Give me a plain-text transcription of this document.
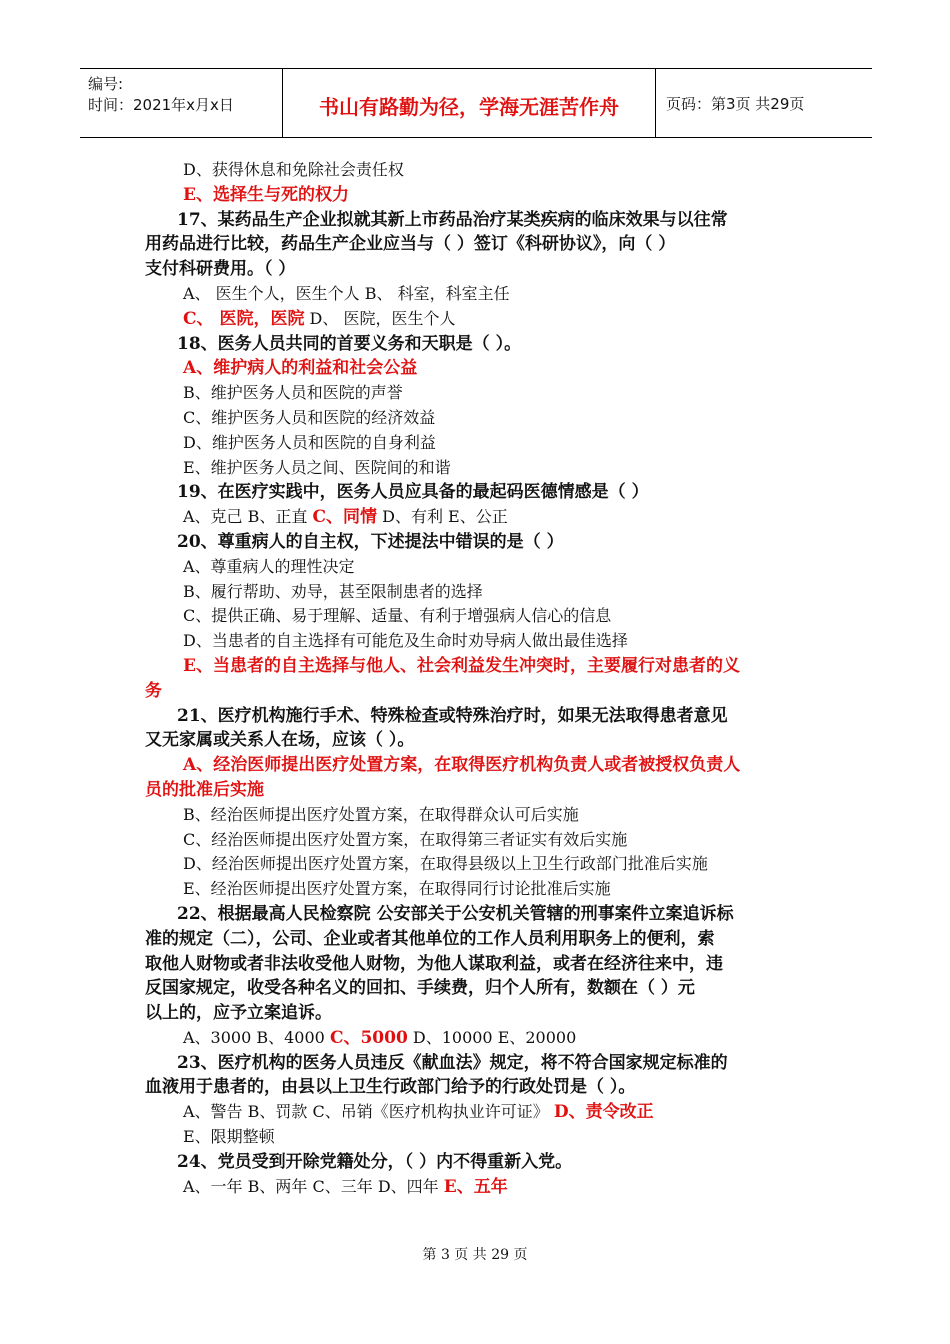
编号:
时间：2021年x月x日	书山有路勤为径，学海无涯苦作舟	页码：第3页 共29页
D、获得休息和免除社会责任权
E、选择生与死的权力
17、某药品生产企业拟就其新上市药品治疗某类疾病的临床效果与以往常
用药品进行比较，药品生产企业应当与（ ）签订《科研协议》，向（ ）
支付科研费用。（ ）
A、 医生个人，医生个人 B、 科室，科室主任
C、 医院，医院 D、 医院，医生个人
18、医务人员共同的首要义务和天职是（ ）。
A、维护病人的利益和社会公益
B、维护医务人员和医院的声誉
C、维护医务人员和医院的经济效益
D、维护医务人员和医院的自身利益
E、维护医务人员之间、医院间的和谐
19、在医疗实践中，医务人员应具备的最起码医德情感是（ ）
A、克己 B、正直 C、同情 D、有利 E、公正
20、尊重病人的自主权，下述提法中错误的是（ ）
A、尊重病人的理性决定
B、履行帮助、劝导，甚至限制患者的选择
C、提供正确、易于理解、适量、有利于增强病人信心的信息
D、当患者的自主选择有可能危及生命时劝导病人做出最佳选择
E、当患者的自主选择与他人、社会利益发生冲突时，主要履行对患者的义
务
21、医疗机构施行手术、特殊检查或特殊治疗时，如果无法取得患者意见
又无家属或关系人在场，应该（ ）。
A、经治医师提出医疗处置方案，在取得医疗机构负责人或者被授权负责人
员的批准后实施
B、经治医师提出医疗处置方案，在取得群众认可后实施
C、经治医师提出医疗处置方案，在取得第三者证实有效后实施
D、经治医师提出医疗处置方案，在取得县级以上卫生行政部门批准后实施
E、经治医师提出医疗处置方案，在取得同行讨论批准后实施
22、根据最高人民检察院 公安部关于公安机关管辖的刑事案件立案追诉标
准的规定（二），公司、企业或者其他单位的工作人员利用职务上的便利，索
取他人财物或者非法收受他人财物，为他人谋取利益，或者在经济往来中，违
反国家规定，收受各种名义的回扣、手续费，归个人所有，数额在（ ）元
以上的，应予立案追诉。
A、3000 B、4000 C、5000 D、10000 E、20000
23、医疗机构的医务人员违反《献血法》规定，将不符合国家规定标准的
血液用于患者的，由县以上卫生行政部门给予的行政处罚是（ ）。
A、警告 B、罚款 C、吊销《医疗机构执业许可证》 D、责令改正
E、限期整顿
24、党员受到开除党籍处分，（ ）内不得重新入党。
A、一年 B、两年 C、三年 D、四年 E、五年
第 3 页 共 29 页
